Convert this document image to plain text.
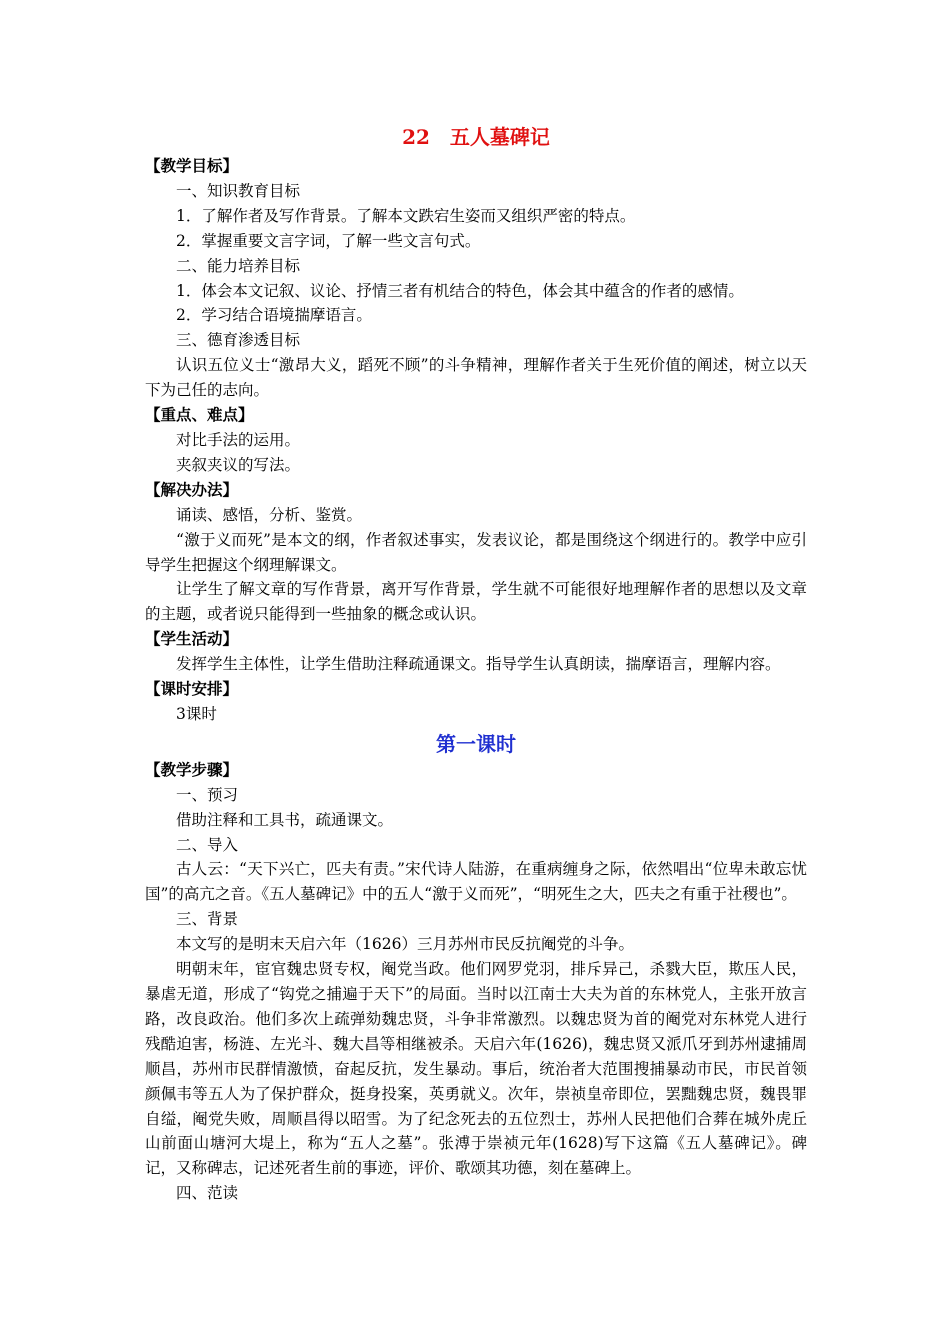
22　五人墓碑记
【教学目标】
一、知识教育目标
1．了解作者及写作背景。了解本文跌宕生姿而又组织严密的特点。
2．掌握重要文言字词，了解一些文言句式。
二、能力培养目标
1．体会本文记叙、议论、抒情三者有机结合的特色，体会其中蕴含的作者的感情。
2．学习结合语境揣摩语言。
三、德育渗透目标
认识五位义士“激昂大义，蹈死不顾”的斗争精神，理解作者关于生死价值的阐述，树立以天下为己任的志向。
【重点、难点】
对比手法的运用。
夹叙夹议的写法。
【解决办法】
诵读、感悟，分析、鉴赏。
“激于义而死”是本文的纲，作者叙述事实，发表议论，都是围绕这个纲进行的。教学中应引导学生把握这个纲理解课文。
让学生了解文章的写作背景，离开写作背景，学生就不可能很好地理解作者的思想以及文章的主题，或者说只能得到一些抽象的概念或认识。
【学生活动】
发挥学生主体性，让学生借助注释疏通课文。指导学生认真朗读，揣摩语言，理解内容。
【课时安排】
3课时
第一课时
【教学步骤】
一、预习
借助注释和工具书，疏通课文。
二、导入
古人云：“天下兴亡，匹夫有责。”宋代诗人陆游，在重病缠身之际，依然唱出“位卑未敢忘忧国”的高亢之音。《五人墓碑记》中的五人“激于义而死”，“明死生之大，匹夫之有重于社稷也”。
三、背景
本文写的是明末天启六年（1626）三月苏州市民反抗阉党的斗争。
明朝末年，宦官魏忠贤专权，阉党当政。他们网罗党羽，排斥异己，杀戮大臣，欺压人民，暴虐无道，形成了“钩党之捕遍于天下”的局面。当时以江南士大夫为首的东林党人，主张开放言路，改良政治。他们多次上疏弹劾魏忠贤，斗争非常激烈。以魏忠贤为首的阉党对东林党人进行残酷迫害，杨涟、左光斗、魏大昌等相继被杀。天启六年(1626)，魏忠贤又派爪牙到苏州逮捕周顺昌，苏州市民群情激愤，奋起反抗，发生暴动。事后，统治者大范围搜捕暴动市民，市民首领颜佩韦等五人为了保护群众，挺身投案，英勇就义。次年，崇祯皇帝即位，罢黜魏忠贤，魏畏罪自缢，阉党失败，周顺昌得以昭雪。为了纪念死去的五位烈士，苏州人民把他们合葬在城外虎丘山前面山塘河大堤上，称为“五人之墓”。张溥于崇祯元年(1628)写下这篇《五人墓碑记》。碑记，又称碑志，记述死者生前的事迹，评价、歌颂其功德，刻在墓碑上。
四、范读
